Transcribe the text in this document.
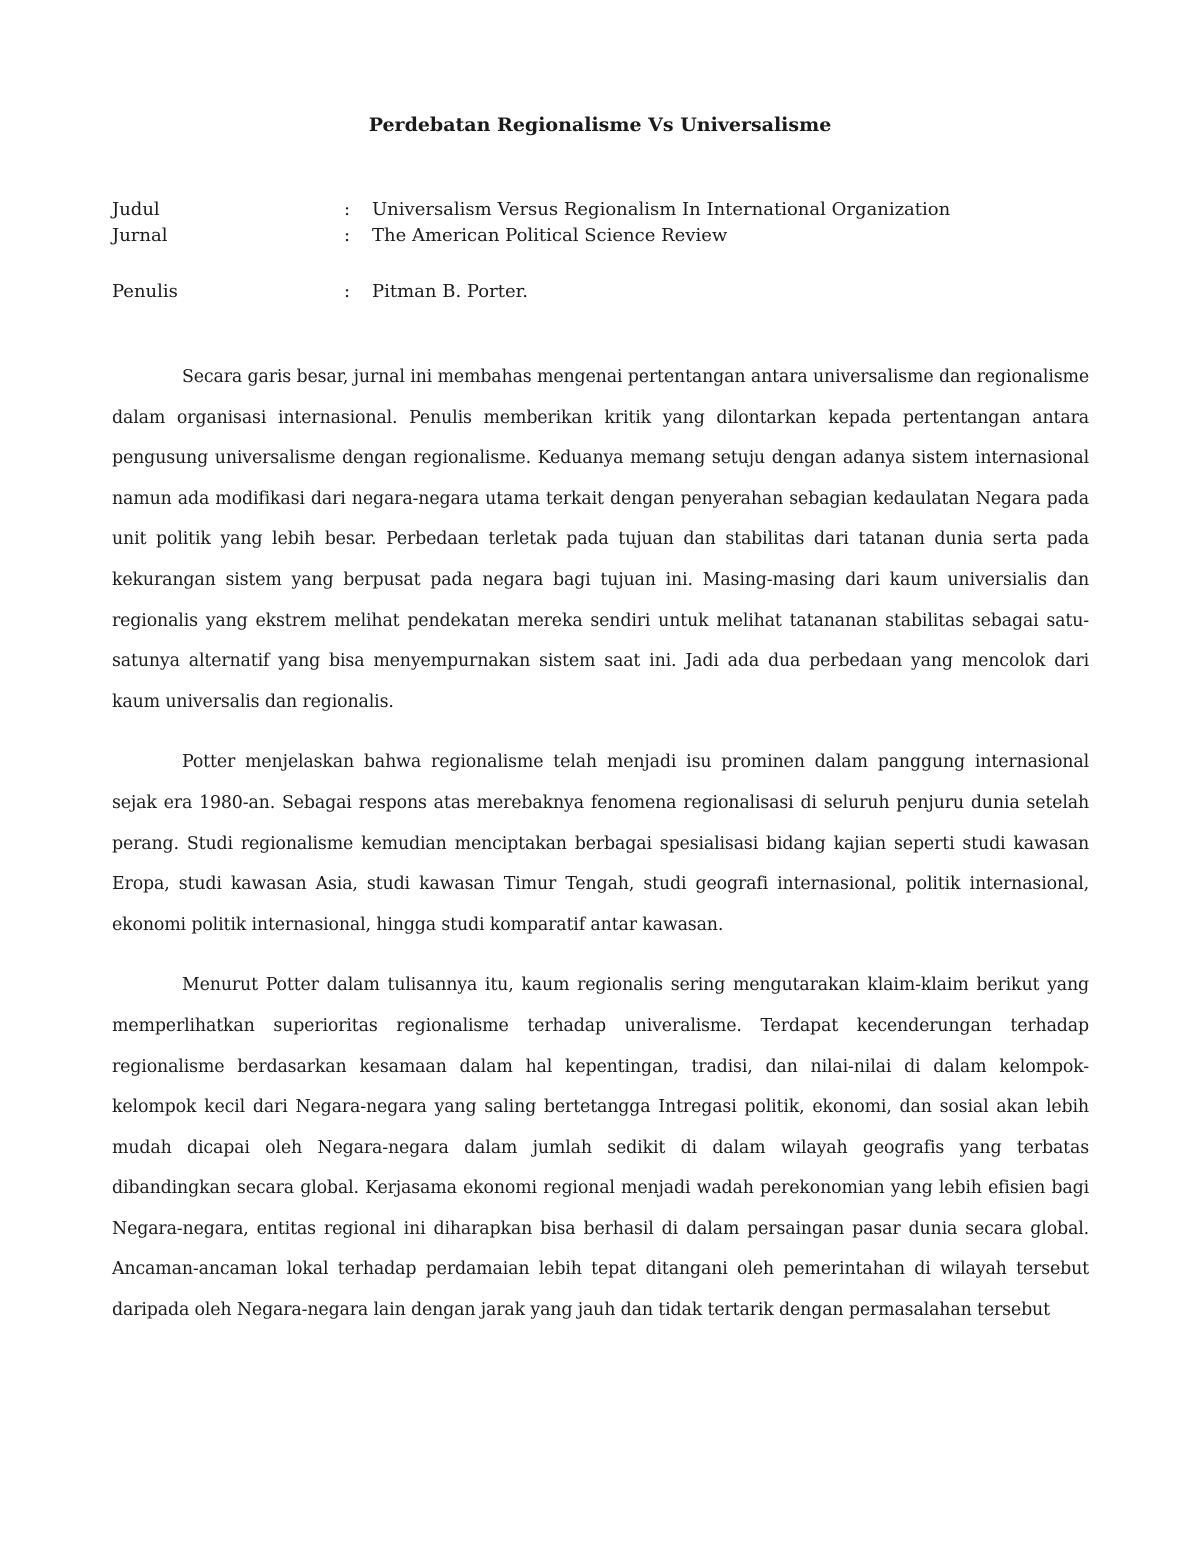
Perdebatan Regionalisme Vs Universalisme
Judul	:	Universalism Versus Regionalism In International Organization
Jurnal	:	The American Political Science Review
Penulis	:	Pitman B. Porter.

Secara garis besar, jurnal ini membahas mengenai pertentangan antara universalisme dan regionalisme dalam organisasi internasional. Penulis memberikan kritik yang dilontarkan kepada pertentangan antara pengusung universalisme dengan regionalisme. Keduanya memang setuju dengan adanya sistem internasional namun ada modifikasi dari negara-negara utama terkait dengan penyerahan sebagian kedaulatan Negara pada unit politik yang lebih besar. Perbedaan terletak pada tujuan dan stabilitas dari tatanan dunia serta pada kekurangan sistem yang berpusat pada negara bagi tujuan ini. Masing-masing dari kaum universialis dan regionalis yang ekstrem melihat pendekatan mereka sendiri untuk melihat tatananan stabilitas sebagai satu-satunya alternatif yang bisa menyempurnakan sistem saat ini. Jadi ada dua perbedaan yang mencolok dari kaum universalis dan regionalis.

Potter menjelaskan bahwa regionalisme telah menjadi isu prominen dalam panggung internasional sejak era 1980-an. Sebagai respons atas merebaknya fenomena regionalisasi di seluruh penjuru dunia setelah perang. Studi regionalisme kemudian menciptakan berbagai spesialisasi bidang kajian seperti studi kawasan Eropa, studi kawasan Asia, studi kawasan Timur Tengah, studi geografi internasional, politik internasional, ekonomi politik internasional, hingga studi komparatif antar kawasan.

Menurut Potter dalam tulisannya itu, kaum regionalis sering mengutarakan klaim-klaim berikut yang memperlihatkan superioritas regionalisme terhadap univeralisme. Terdapat kecenderungan terhadap regionalisme berdasarkan kesamaan dalam hal kepentingan, tradisi, dan nilai-nilai di dalam kelompok-kelompok kecil dari Negara-negara yang saling bertetangga Intregasi politik, ekonomi, dan sosial akan lebih mudah dicapai oleh Negara-negara dalam jumlah sedikit di dalam wilayah geografis yang terbatas dibandingkan secara global. Kerjasama ekonomi regional menjadi wadah perekonomian yang lebih efisien bagi Negara-negara, entitas regional ini diharapkan bisa berhasil di dalam persaingan pasar dunia secara global. Ancaman-ancaman lokal terhadap perdamaian lebih tepat ditangani oleh pemerintahan di wilayah tersebut daripada oleh Negara-negara lain dengan jarak yang jauh dan tidak tertarik dengan permasalahan tersebut
